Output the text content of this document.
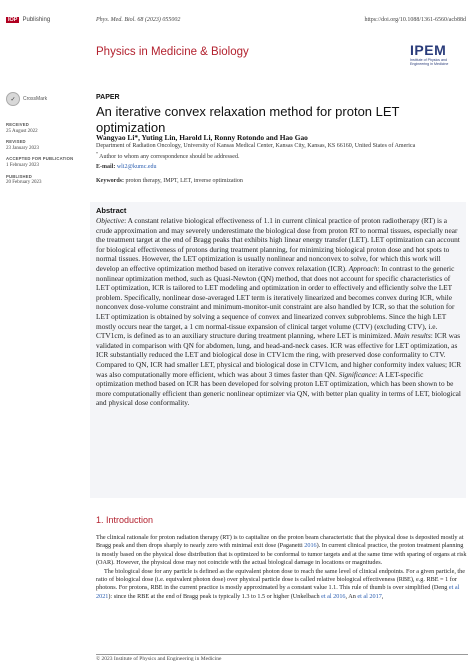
IOP Publishing	Phys. Med. Biol. 68 (2023) 055002	https://doi.org/10.1088/1361-6560/acb88d
Physics in Medicine & Biology	IPEM
Institute of Physics and Engineering in Medicine
✓	CrossMark
RECEIVED
25 August 2022
REVISED
23 January 2023
ACCEPTED FOR PUBLICATION
1 February 2023
PUBLISHED
20 February 2023
PAPER
An iterative convex relaxation method for proton LET optimization
Wangyao Li*, Yuting Lin, Harold Li, Ronny Rotondo and Hao Gao
Department of Radiation Oncology, University of Kansas Medical Center, Kansas City, Kansas, KS 66160, United States of America
* Author to whom any correspondence should be addressed.
E-mail: wli2@kumc.edu
Keywords: proton therapy, IMPT, LET, inverse optimization
Abstract
Objective: A constant relative biological effectiveness of 1.1 in current clinical practice of proton radiotherapy (RT) is a crude approximation and may severely underestimate the biological dose from proton RT to normal tissues, especially near the treatment target at the end of Bragg peaks that exhibits high linear energy transfer (LET). LET optimization can account for biological effectiveness of protons during treatment planning, for minimizing biological proton dose and hot spots to normal tissues. However, the LET optimization is usually nonlinear and nonconvex to solve, for which this work will develop an effective optimization method based on iterative convex relaxation (ICR). Approach: In contrast to the generic nonlinear optimization method, such as Quasi-Newton (QN) method, that does not account for specific characteristics of LET optimization, ICR is tailored to LET modeling and optimization in order to effectively and efficiently solve the LET problem. Specifically, nonlinear dose-averaged LET term is iteratively linearized and becomes convex during ICR, while nonconvex dose-volume constraint and minimum-monitor-unit constraint are also handled by ICR, so that the solution for LET optimization is obtained by solving a sequence of convex and linearized convex subproblems. Since the high LET mostly occurs near the target, a 1 cm normal-tissue expansion of clinical target volume (CTV) (excluding CTV), i.e. CTV1cm, is defined as to an auxiliary structure during treatment planning, where LET is minimized. Main results: ICR was validated in comparison with QN for abdomen, lung, and head-and-neck cases. ICR was effective for LET optimization, as ICR substantially reduced the LET and biological dose in CTV1cm the ring, with preserved dose conformality to CTV. Compared to QN, ICR had smaller LET, physical and biological dose in CTV1cm, and higher conformity index values; ICR was also computationally more efficient, which was about 3 times faster than QN. Significance: A LET-specific optimization method based on ICR has been developed for solving proton LET optimization, which has been shown to be more computationally efficient than generic nonlinear optimizer via QN, with better plan quality in terms of LET, biological and physical dose conformality.
1. Introduction

The clinical rationale for proton radiation therapy (RT) is to capitalize on the proton beam characteristic that the physical dose is deposited mostly at Bragg peak and then drops sharply to nearly zero with minimal exit dose (Paganetti 2016). In current clinical practice, the proton treatment planning is mostly based on the physical dose distribution that is optimized to be conformal to tumor targets and at the same time with sparing of organs at risk (OAR). However, the physical dose may not coincide with the actual biological damage in locations or magnitudes.

The biological dose for any particle is defined as the equivalent photon dose to reach the same level of clinical endpoints. For a given particle, the ratio of biological dose (i.e. equivalent photon dose) over physical particle dose is called relative biological effectiveness (RBE), e.g. RBE = 1 for photons. For protons, RBE in the current practice is mostly approximated by a constant value 1.1. This rule of thumb is over simplified (Deng et al 2021): since the RBE at the end of Bragg peak is typically 1.3 to 1.5 or higher (Unkelbach et al 2016, An et al 2017,

© 2023 Institute of Physics and Engineering in Medicine
